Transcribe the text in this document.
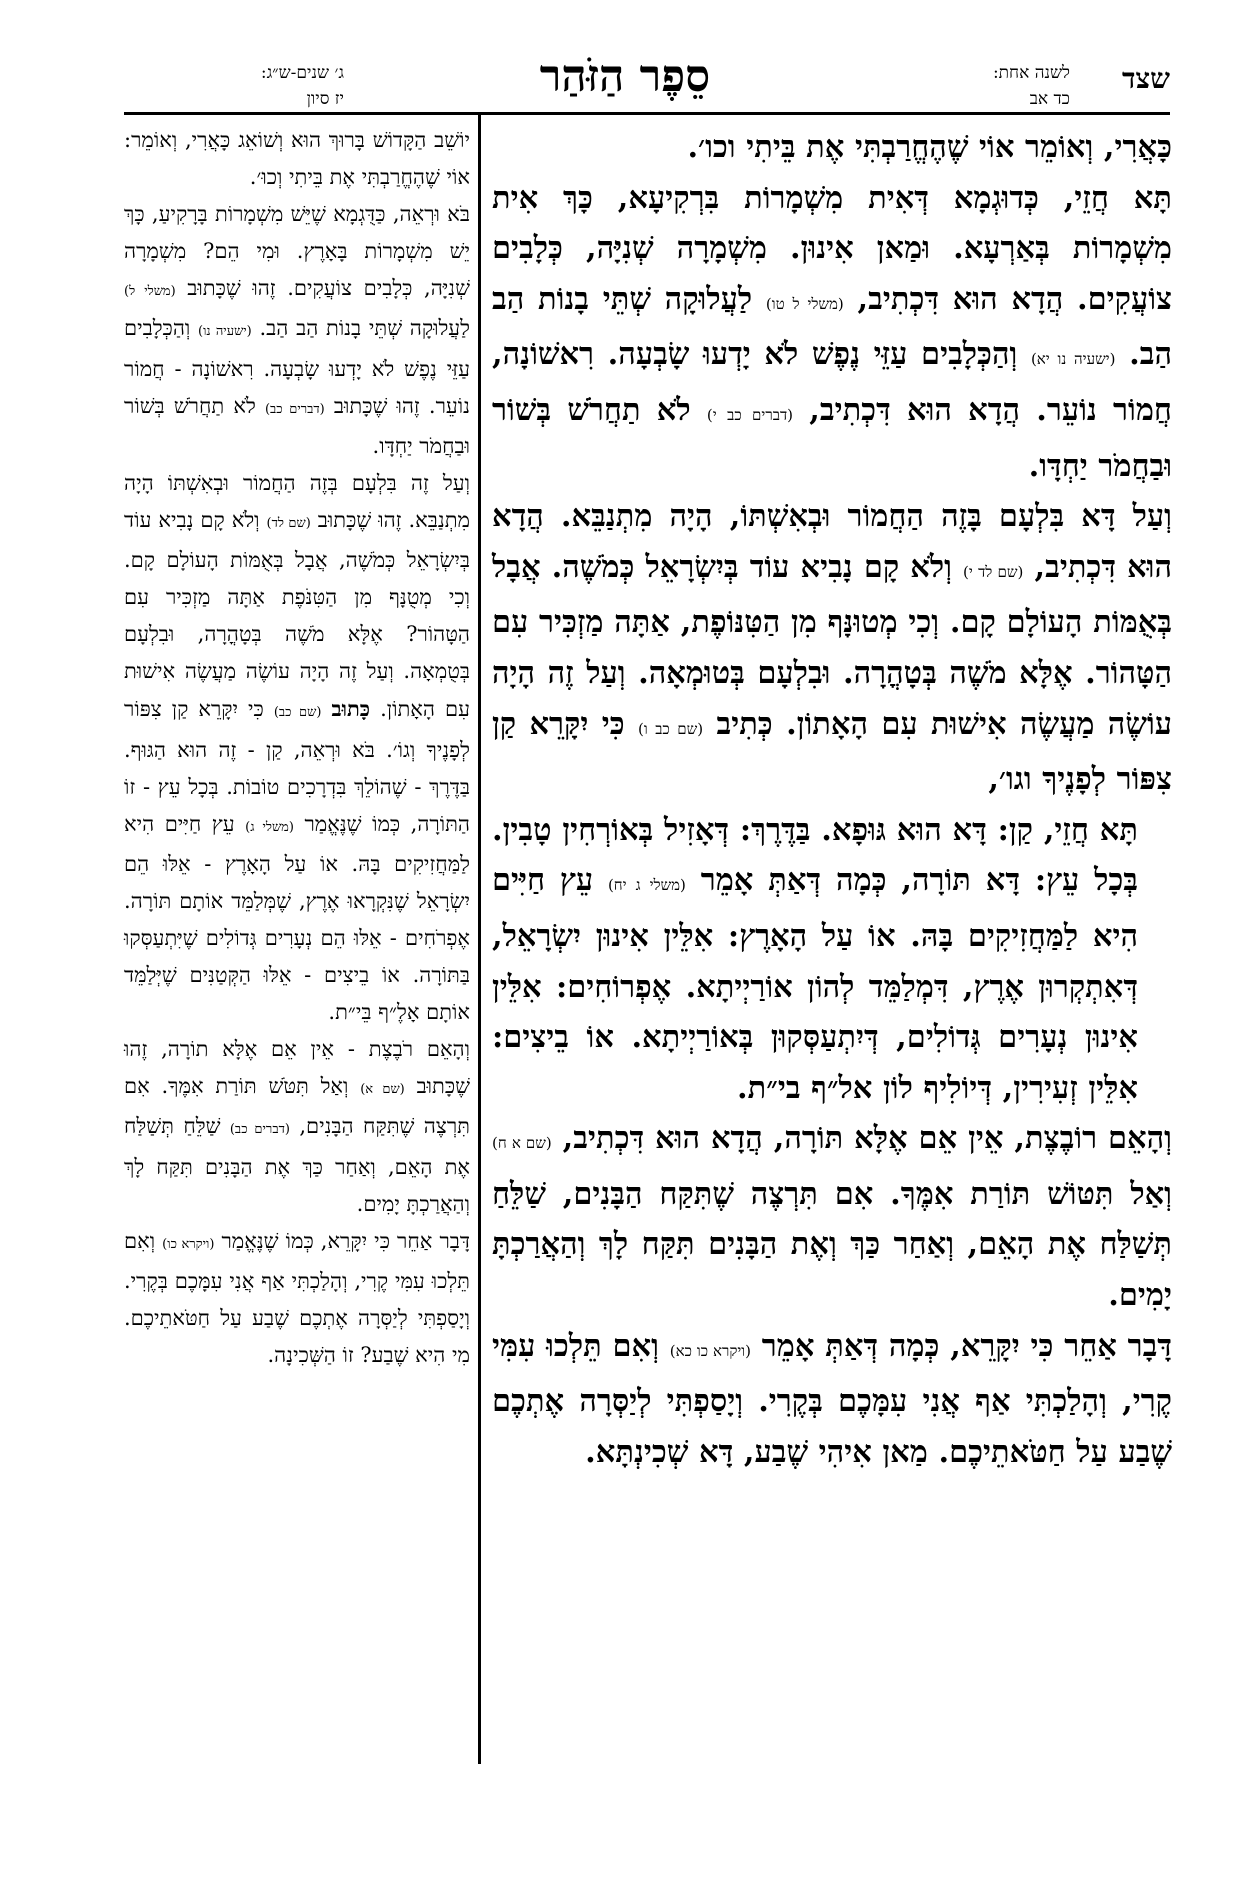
ג׳ שנים-ש״ג:
יז סיון	סֵפֶר הַזֹּהַר	שצד
לשנה אחת:
כד אב

כָּאֲרִי, וְאוֹמֵר אוֹי שֶׁהֶחֱרַבְתִּי אֶת בֵּיתִי וכו׳.

תָּא חֲזֵי, כְּדוּגְמָא דְּאִית מִשְׁמָרוֹת בִּרְקִיעָא, כָּךְ אִית מִשְׁמָרוֹת בְּאַרְעָא. וּמַאן אִינוּן. מִשְׁמָרָה שְׁנִיָּה, כְּלָבִים צוֹעֲקִים. הֲדָא הוּא דִּכְתִיב, (משלי ל טו) לַעֲלוּקָה שְׁתֵּי בָנוֹת הַב הַב. (ישעיה נו יא) וְהַכְּלָבִים עַזֵּי נֶפֶשׁ לֹא יָדְעוּ שָׂבְעָה. רִאשׁוֹנָה, חֲמוֹר נוֹעֵר. הֲדָא הוּא דִּכְתִיב, (דברים כב י) לֹא תַחֲרֹשׁ בְּשׁוֹר וּבַחֲמֹר יַחְדָּו.

וְעַל דָּא בִּלְעָם בָּזֶה הַחֲמוֹר וּבְאִשְׁתּוֹ, הָיָה מִתְנַבֵּא. הֲדָא הוּא דִּכְתִיב, (שם לד י) וְלֹא קָם נָבִיא עוֹד בְּיִשְׂרָאֵל כְּמֹשֶׁה. אֲבָל בְּאֻמּוֹת הָעוֹלָם קָם. וְכִי מְטוּנָּף מִן הַטִּנּוֹפֶת, אַתָּה מַזְכִּיר עִם הַטָּהוֹר. אֶלָּא מֹשֶׁה בְּטָהֳרָה. וּבִלְעָם בְּטוּמְאָה. וְעַל זֶה הָיָה עוֹשֶׂה מַעֲשֶׂה אִישׁוּת עִם הָאָתוֹן. כְּתִיב (שם כב ו) כִּי יִקָּרֵא קַן צִפּוֹר לְפָנֶיךָ וגו׳,

תָּא חֲזֵי, קַן: דָּא הוּא גּוּפָא. בַּדֶּרֶךְ: דְּאָזִיל בְּאוֹרְחִין טָבִין. בְּכָל עֵץ: דָּא תּוֹרָה, כְּמָה דְּאַתְּ אָמֵר (משלי ג יח) עֵץ חַיִּים הִיא לַמַּחֲזִיקִים בָּהּ. אוֹ עַל הָאָרֶץ: אִלֵּין אִינוּן יִשְׂרָאֵל, דְּאִתְקְרוּן אֶרֶץ, דִּמְלַמֵּד לְהוֹן אוֹרַיְיתָא. אֶפְרוֹחִים: אִלֵּין אִינוּן נְעָרִים גְּדוֹלִים, דְּיִתְעַסְּקוּן בְּאוֹרַיְיתָא. אוֹ בֵיצִים: אִלֵּין זְעִירִין, דְּיוֹלִיף לוֹן אל״ף בי״ת.

וְהָאֵם רוֹבֶצֶת, אֵין אֵם אֶלָּא תּוֹרָה, הֲדָא הוּא דִּכְתִיב, (שם א ח) וְאַל תִּטּוֹשׁ תּוֹרַת אִמֶּךָ. אִם תִּרְצֶה שֶׁתִּקַּח הַבָּנִים, שַׁלֵּחַ תְּשַׁלַּח אֶת הָאֵם, וְאַחַר כַּךְ וְאֶת הַבָּנִים תִּקַּח לָךְ וְהַאֲרַכְתָּ יָמִים.

דָּבָר אַחֵר כִּי יִקָּרֵא, כְּמָה דְּאַתְּ אָמֵר (ויקרא כו כא) וְאִם תֵּלְכוּ עִמִּי קֶרִי, וְהָלַכְתִּי אַף אֲנִי עִמָּכֶם בְּקֶרִי. וְיָסַפְתִּי לְיַסְּרָה אֶתְכֶם שֶׁבַע עַל חַטֹּאתֵיכֶם. מַאן אִיהִי שֶׁבַע, דָּא שְׁכִינְתָּא.

יוֹשֵׁב הַקָּדוֹשׁ בָּרוּךְ הוּא וְשׁוֹאֵג כָּאֲרִי, וְאוֹמֵר: אוֹי שֶׁהֶחֱרַבְתִּי אֶת בֵּיתִי וְכוּ׳.

בֹּא וּרְאֵה, כַּדֻּגְמָא שֶׁיֵּשׁ מִשְׁמָרוֹת בָּרָקִיעַ, כָּךְ יֵשׁ מִשְׁמָרוֹת בָּאָרֶץ. וּמִי הֵם? מִשְׁמָרָה שְׁנִיָּה, כְּלָבִים צוֹעֲקִים. זֶהוּ שֶׁכָּתוּב (משלי ל) לַעֲלוּקָה שְׁתֵּי בָנוֹת הַב הַב. (ישעיה נו) וְהַכְּלָבִים עַזֵּי נֶפֶשׁ לֹא יָדְעוּ שָׂבְעָה. רִאשׁוֹנָה - חֲמוֹר נוֹעֵר. זֶהוּ שֶׁכָּתוּב (דברים כב) לֹא תַחֲרֹשׁ בְּשׁוֹר וּבַחֲמֹר יַחְדָּו.

וְעַל זֶה בִּלְעָם בְּזֶה הַחֲמוֹר וּבְאִשְׁתּוֹ הָיָה מִתְנַבֵּא. זֶהוּ שֶׁכָּתוּב (שם לד) וְלֹא קָם נָבִיא עוֹד בְּיִשְׂרָאֵל כְּמֹשֶׁה, אֲבָל בְּאֻמּוֹת הָעוֹלָם קָם. וְכִי מְטֻנָּף מִן הַטִּנֹּפֶת אַתָּה מַזְכִּיר עִם הַטָּהוֹר? אֶלָּא מֹשֶׁה בְּטָהֳרָה, וּבִלְעָם בְּטֻמְאָה. וְעַל זֶה הָיָה עוֹשֶׂה מַעֲשֶׂה אִישׁוּת עִם הָאָתוֹן. כָּתוּב (שם כב) כִּי יִקָּרֵא קַן צִפּוֹר לְפָנֶיךָ וְגוֹ׳. בֹּא וּרְאֵה, קַן - זֶה הוּא הַגּוּף. בַּדֶּרֶךְ - שֶׁהוֹלֵךְ בִּדְרָכִים טוֹבוֹת. בְּכָל עֵץ - זוֹ הַתּוֹרָה, כְּמוֹ שֶׁנֶּאֱמַר (משלי ג) עֵץ חַיִּים הִיא לַמַּחֲזִיקִים בָּהּ. אוֹ עַל הָאָרֶץ - אֵלּוּ הֵם יִשְׂרָאֵל שֶׁנִּקְרָאוּ אֶרֶץ, שֶׁמְּלַמֵּד אוֹתָם תּוֹרָה. אֶפְרֹחִים - אֵלּוּ הֵם נְעָרִים גְּדוֹלִים שֶׁיִּתְעַסְּקוּ בַּתּוֹרָה. אוֹ בֵיצִים - אֵלּוּ הַקְּטַנִּים שֶׁיְּלַמֵּד אוֹתָם אָלֶ״ף בֵּי״ת.

וְהָאֵם רֹבֶצֶת - אֵין אֵם אֶלָּא תוֹרָה, זֶהוּ שֶׁכָּתוּב (שם א) וְאַל תִּטֹּשׁ תּוֹרַת אִמֶּךָ. אִם תִּרְצֶה שֶׁתִּקַּח הַבָּנִים, (דברים כב) שַׁלֵּחַ תְּשַׁלַּח אֶת הָאֵם, וְאַחַר כַּךְ אֶת הַבָּנִים תִּקַּח לָךְ וְהַאֲרַכְתָּ יָמִים.

דָּבָר אַחֵר כִּי יִקָּרֵא, כְּמוֹ שֶׁנֶּאֱמַר (ויקרא כו) וְאִם תֵּלְכוּ עִמִּי קֶרִי, וְהָלַכְתִּי אַף אֲנִי עִמָּכֶם בְּקֶרִי. וְיָסַפְתִּי לְיַסְּרָה אֶתְכֶם שֶׁבַע עַל חַטֹּאתֵיכֶם. מִי הִיא שֶׁבַע? זוֹ הַשְּׁכִינָה.
